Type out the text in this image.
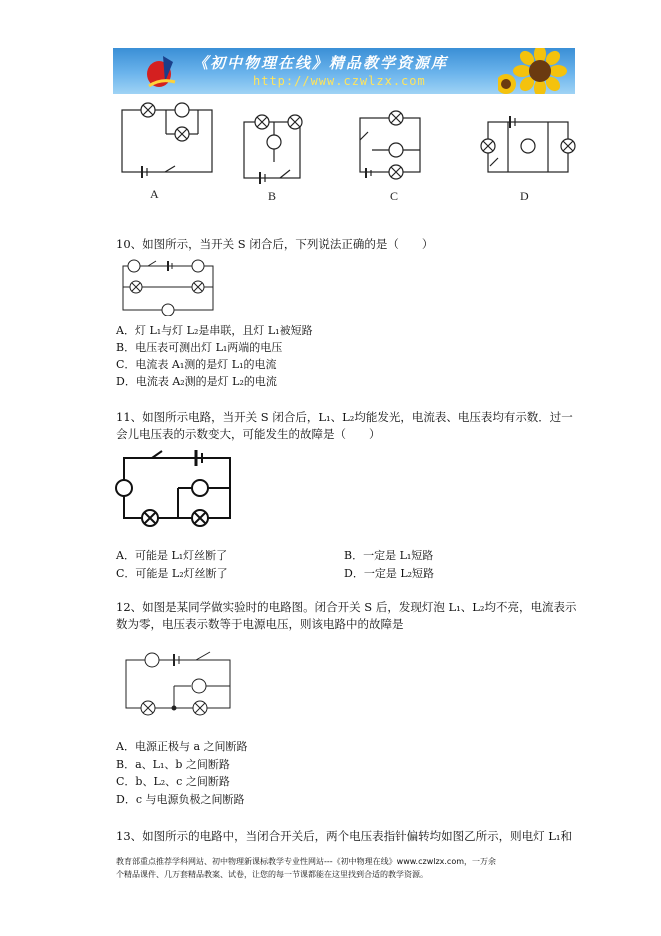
《初中物理在线》精品教学资源库
http://www.czwlzx.com
A	B	C	D
10、如图所示，当开关 S 闭合后，下列说法正确的是（　　）
A．灯 L₁与灯 L₂是串联，且灯 L₁被短路
B．电压表可测出灯 L₁两端的电压
C．电流表 A₁测的是灯 L₁的电流
D．电流表 A₂测的是灯 L₂的电流
11、如图所示电路，当开关 S 闭合后，L₁、L₂均能发光，电流表、电压表均有示数．过一
会儿电压表的示数变大，可能发生的故障是（　　）
A．可能是 L₁灯丝断了	B．一定是 L₁短路
C．可能是 L₂灯丝断了	D．一定是 L₂短路
12、如图是某同学做实验时的电路图。闭合开关 S 后，发现灯泡 L₁、L₂均不亮，电流表示
数为零，电压表示数等于电源电压，则该电路中的故障是
A．电源正极与 a 之间断路
B．a、L₁、b 之间断路
C．b、L₂、c 之间断路
D．c 与电源负极之间断路
13、如图所示的电路中，当闭合开关后，两个电压表指针偏转均如图乙所示，则电灯 L₁和
教育部重点推荐学科网站、初中物理新课标教学专业性网站---《初中物理在线》www.czwlzx.com，一万余
个精品课件、几万套精品教案、试卷，让您的每一节课都能在这里找到合适的教学资源。
